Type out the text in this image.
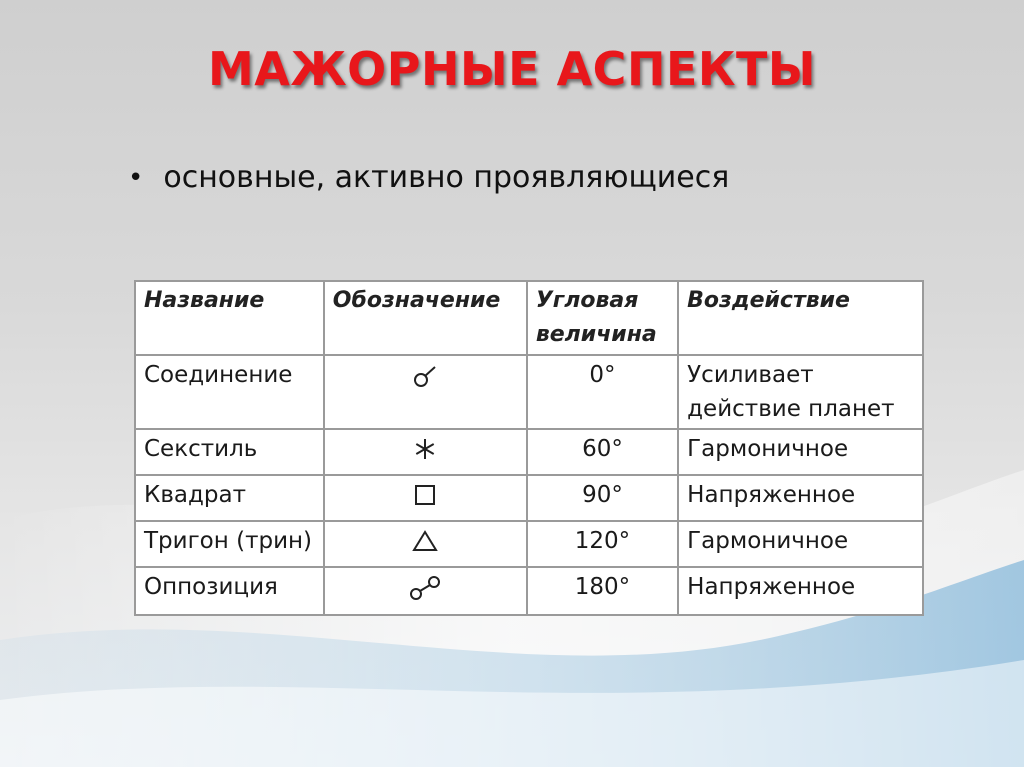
МАЖОРНЫЕ АСПЕКТЫ
• основные, активно проявляющиеся
Название	Обозначение	Угловая величина	Воздействие
Соединение		0°	Усиливает действие планет
Секстиль		60°	Гармоничное
Квадрат		90°	Напряженное
Тригон (трин)		120°	Гармоничное
Оппозиция		180°	Напряженное
